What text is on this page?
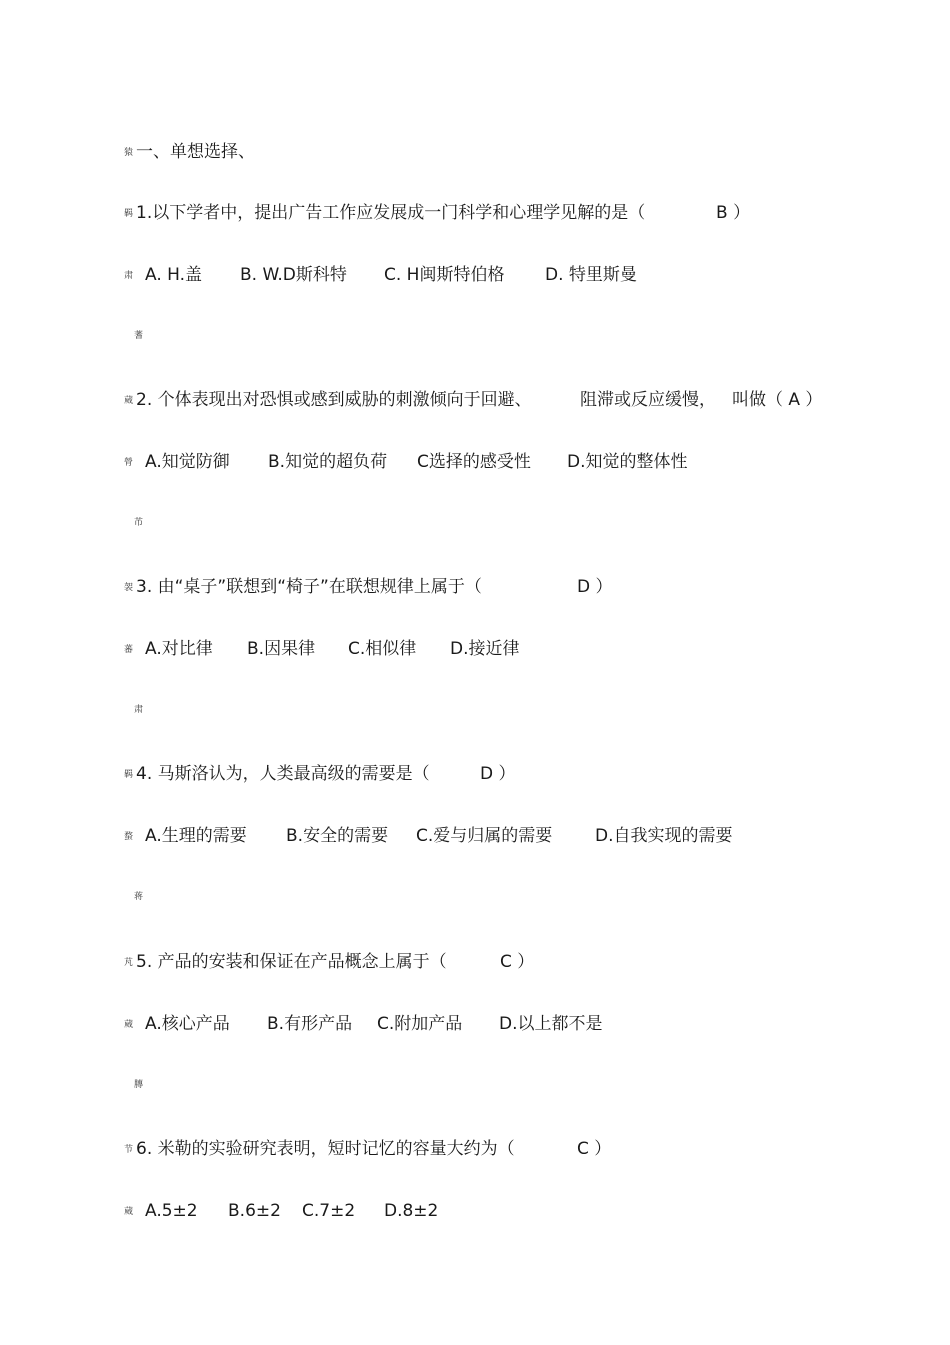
猿 一、单想选择、
羁 1.以下学者中，提出广告工作应发展成一门科学和心理学见解的是（	B ）
肃 A. H.盖 B. W.D斯科特 C. H闽斯特伯格 D. 特里斯曼
蓍
蒇 2. 个体表现出对恐惧或感到威胁的刺激倾向于回避、	阻滞或反应缓慢， 叫做（ A ）
膋 A.知觉防御 B.知觉的超负荷 C选择的感受性 D.知觉的整体性
芇
袈 3. 由“桌子”联想到“椅子”在联想规律上属于（	D ）
蕃 A.对比律 B.因果律 C.相似律 D.接近律
肃
羁 4. 马斯洛认为，人类最高级的需要是（	D ）
蝥 A.生理的需要 B.安全的需要 C.爱与归属的需要	D.自我实现的需要
蒋
芃 5. 产品的安装和保证在产品概念上属于（	C ）
蒇 A.核心产品 B.有形产品 C.附加产品 D.以上都不是
膞
节 6. 米勒的实验研究表明，短时记忆的容量大约为（	C ）
蒇 A.5±2 B.6±2 C.7±2 D.8±2
